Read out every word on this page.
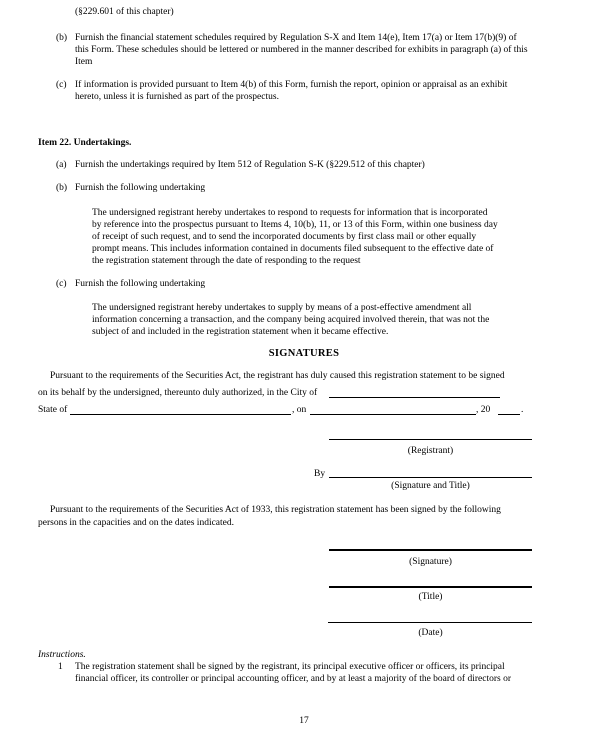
(§229.601 of this chapter)
(b) Furnish the financial statement schedules required by Regulation S-X and Item 14(e), Item 17(a) or Item 17(b)(9) of
this Form. These schedules should be lettered or numbered in the manner described for exhibits in paragraph (a) of this
Item
(c) If information is provided pursuant to Item 4(b) of this Form, furnish the report, opinion or appraisal as an exhibit
hereto, unless it is furnished as part of the prospectus.
Item 22. Undertakings.
(a) Furnish the undertakings required by Item 512 of Regulation S-K (§229.512 of this chapter)
(b) Furnish the following undertaking
The undersigned registrant hereby undertakes to respond to requests for information that is incorporated
by reference into the prospectus pursuant to Items 4, 10(b), 11, or 13 of this Form, within one business day
of receipt of such request, and to send the incorporated documents by first class mail or other equally
prompt means. This includes information contained in documents filed subsequent to the effective date of
the registration statement through the date of responding to the request
(c) Furnish the following undertaking
The undersigned registrant hereby undertakes to supply by means of a post-effective amendment all
information concerning a transaction, and the company being acquired involved therein, that was not the
subject of and included in the registration statement when it became effective.
SIGNATURES
Pursuant to the requirements of the Securities Act, the registrant has duly caused this registration statement to be signed
on its behalf by the undersigned, thereunto duly authorized, in the City of
State of	, on	, 20	.
(Registrant)
By
(Signature and Title)
Pursuant to the requirements of the Securities Act of 1933, this registration statement has been signed by the following
persons in the capacities and on the dates indicated.
(Signature)
(Title)
(Date)
Instructions.
1 The registration statement shall be signed by the registrant, its principal executive officer or officers, its principal
financial officer, its controller or principal accounting officer, and by at least a majority of the board of directors or
17
